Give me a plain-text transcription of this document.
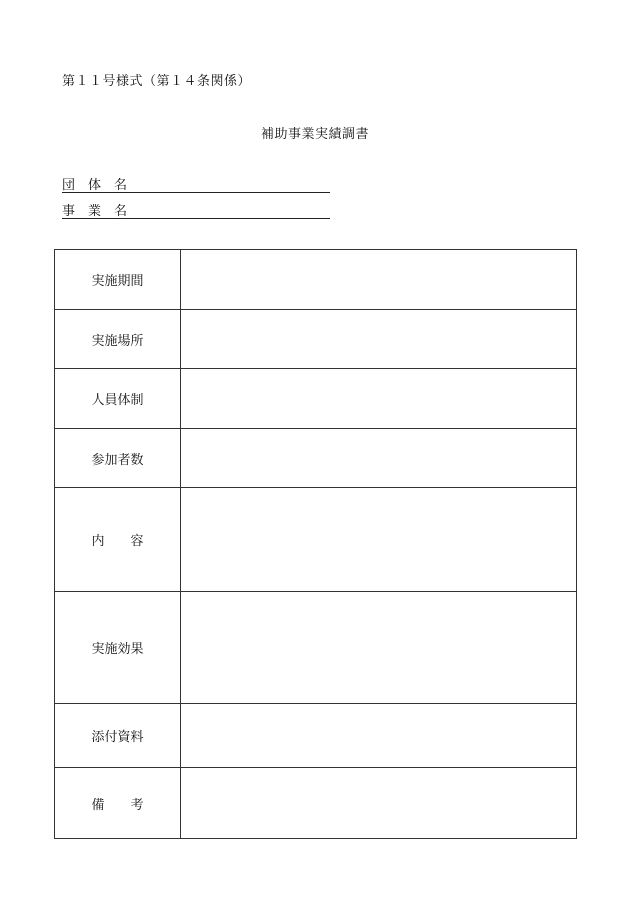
第１１号様式（第１４条関係）
補助事業実績調書
団　体　名
事　業　名
実施期間	
実施場所	
人員体制	
参加者数	
内　　容	
実施効果	
添付資料	
備　　考	
